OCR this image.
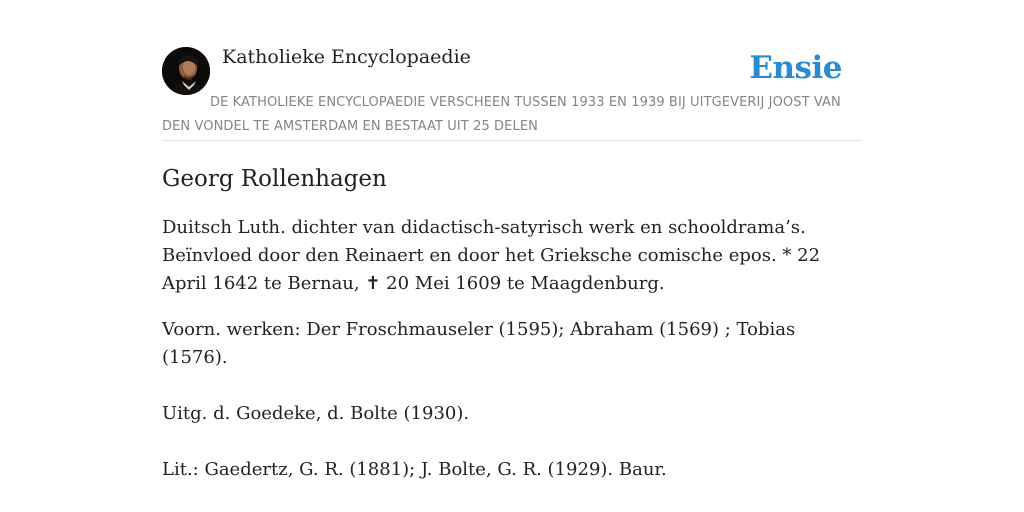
Katholieke Encyclopaedie	Ensie
DE KATHOLIEKE ENCYCLOPAEDIE VERSCHEEN TUSSEN 1933 EN 1939 BIJ UITGEVERIJ JOOST VAN DEN VONDEL TE AMSTERDAM EN BESTAAT UIT 25 DELEN
Georg Rollenhagen

Duitsch Luth. dichter van didactisch-satyrisch werk en schooldrama’s. Beïnvloed door den Reinaert en door het Grieksche comische epos. * 22 April 1642 te Bernau, ✝ 20 Mei 1609 te Maagdenburg.

Voorn. werken: Der Froschmauseler (1595); Abraham (1569) ; Tobias (1576).

Uitg. d. Goedeke, d. Bolte (1930).

Lit.: Gaedertz, G. R. (1881); J. Bolte, G. R. (1929). Baur.
